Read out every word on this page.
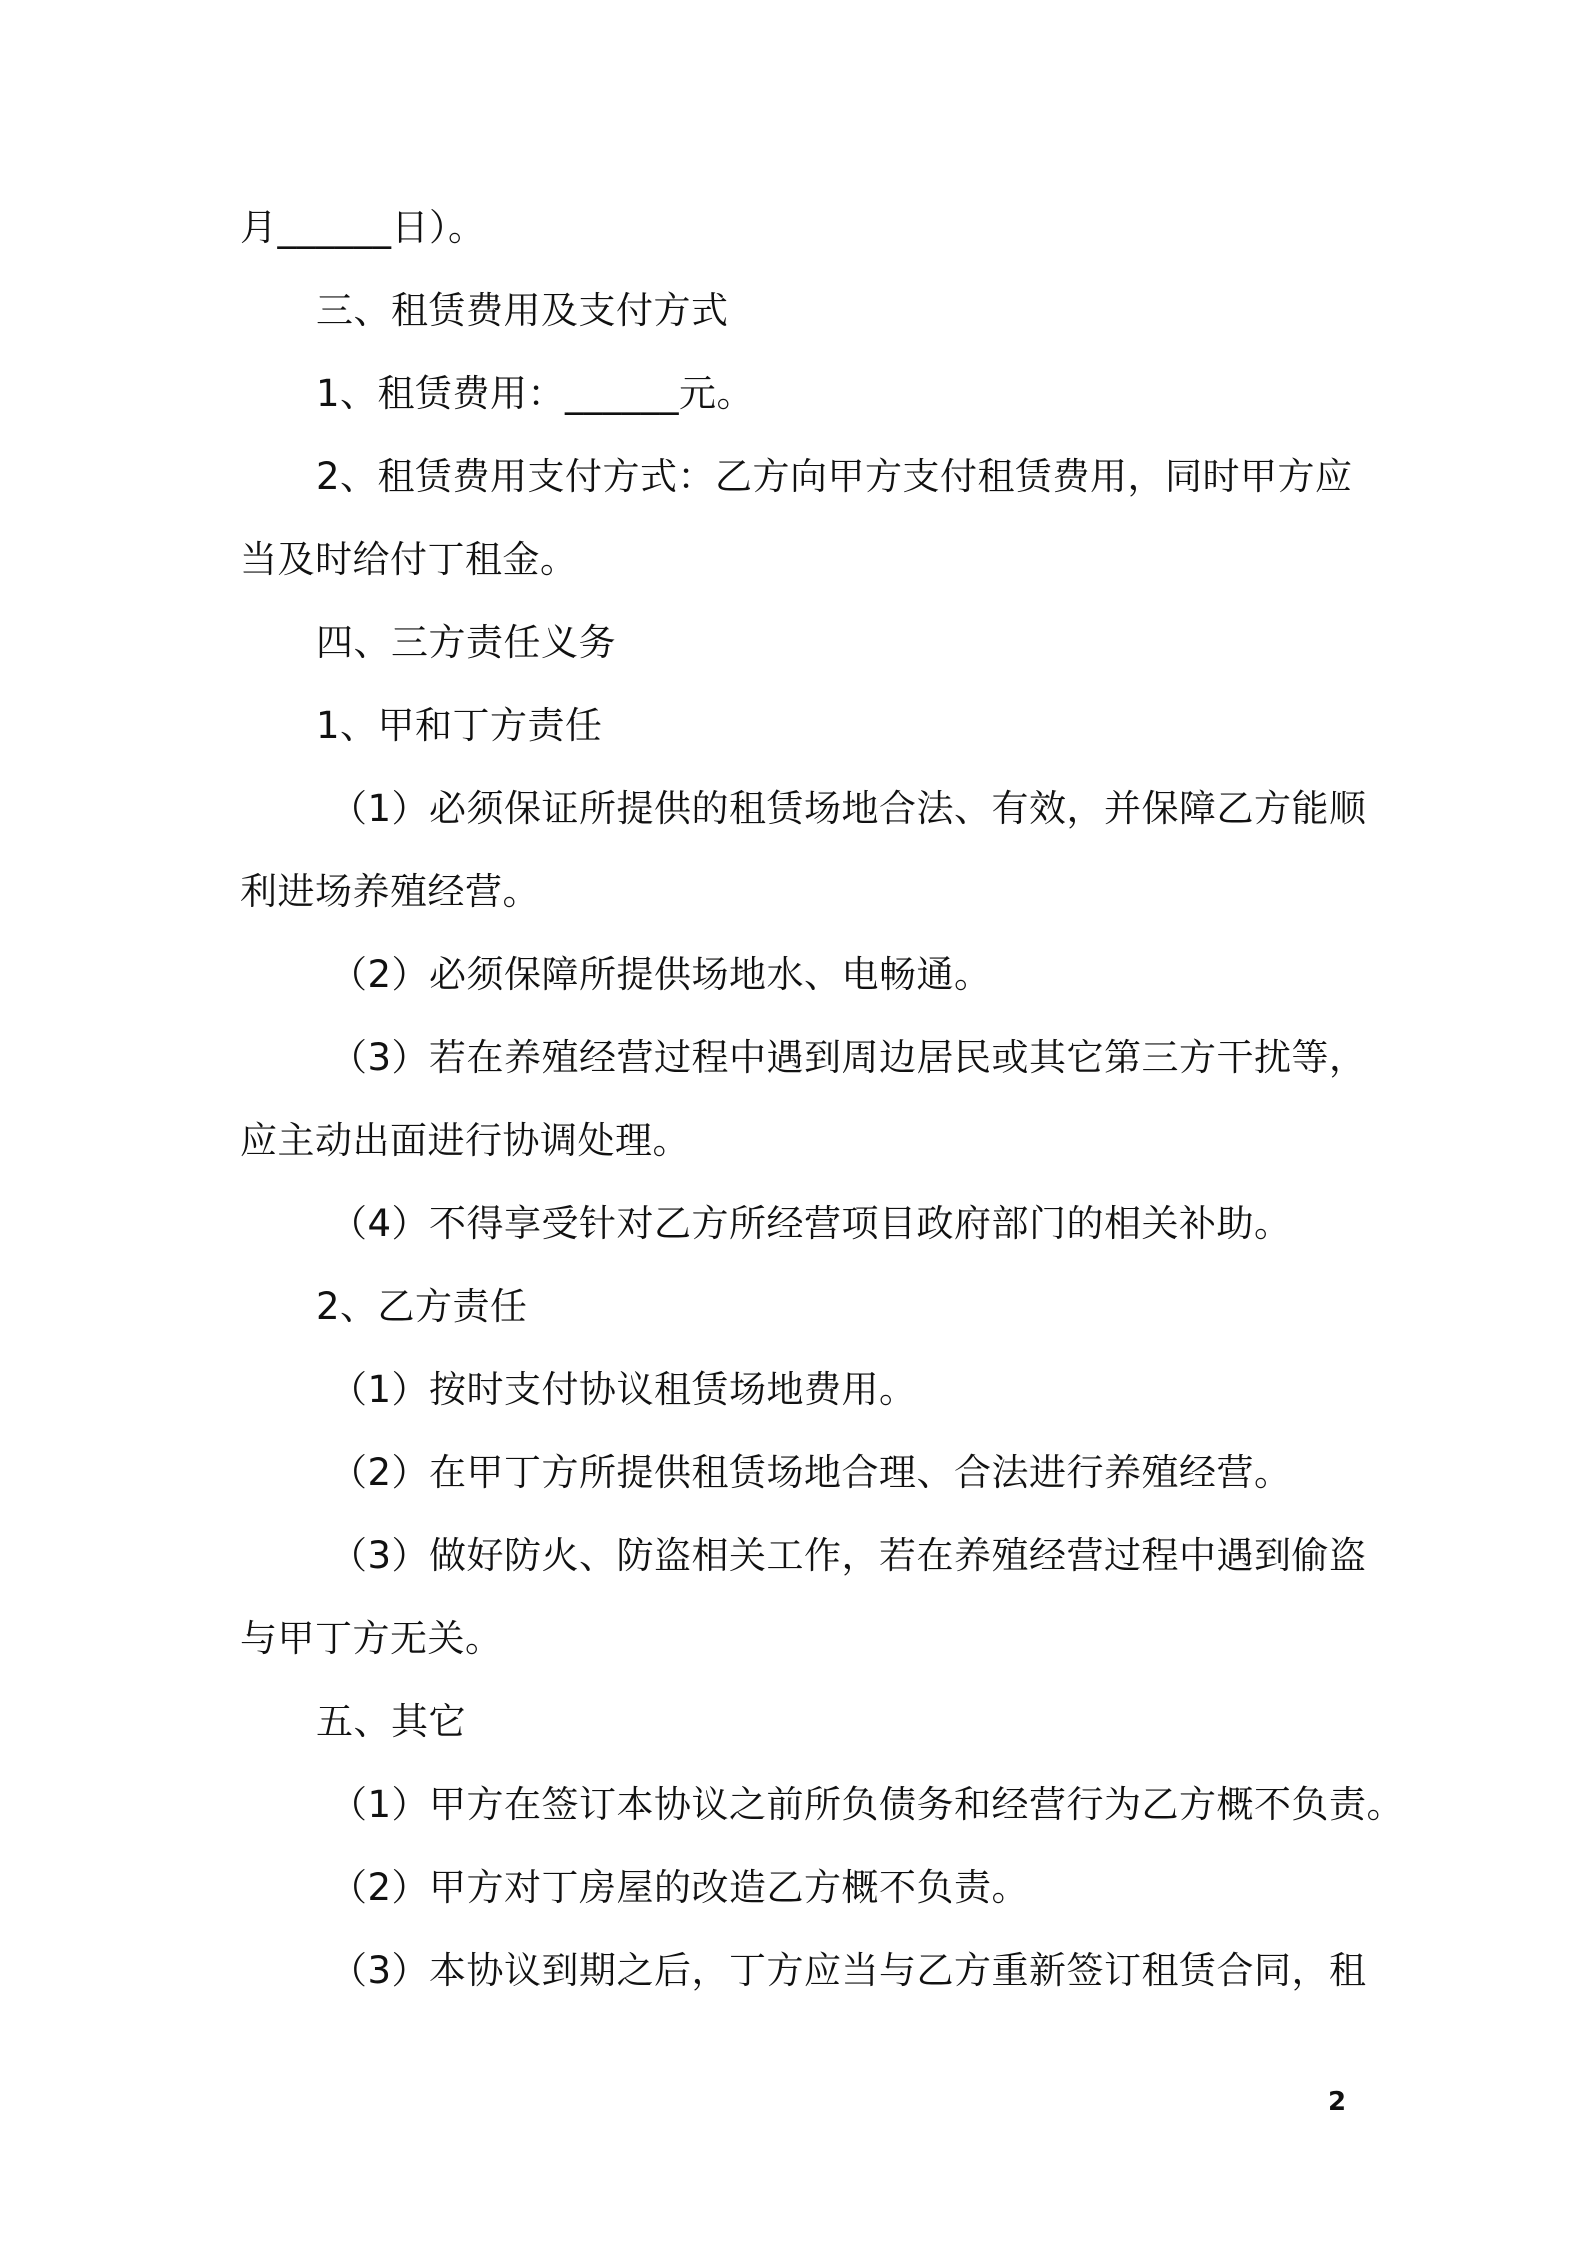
月______日）。
三、租赁费用及支付方式
1、租赁费用：______元。
2、租赁费用支付方式：乙方向甲方支付租赁费用，同时甲方应
当及时给付丁租金。
四、三方责任义务
1、甲和丁方责任
（1）必须保证所提供的租赁场地合法、有效，并保障乙方能顺
利进场养殖经营。
（2）必须保障所提供场地水、电畅通。
（3）若在养殖经营过程中遇到周边居民或其它第三方干扰等，
应主动出面进行协调处理。
（4）不得享受针对乙方所经营项目政府部门的相关补助。
2、乙方责任
（1）按时支付协议租赁场地费用。
（2）在甲丁方所提供租赁场地合理、合法进行养殖经营。
（3）做好防火、防盗相关工作，若在养殖经营过程中遇到偷盗
与甲丁方无关。
五、其它
（1）甲方在签订本协议之前所负债务和经营行为乙方概不负责。
（2）甲方对丁房屋的改造乙方概不负责。
（3）本协议到期之后，丁方应当与乙方重新签订租赁合同，租
2
